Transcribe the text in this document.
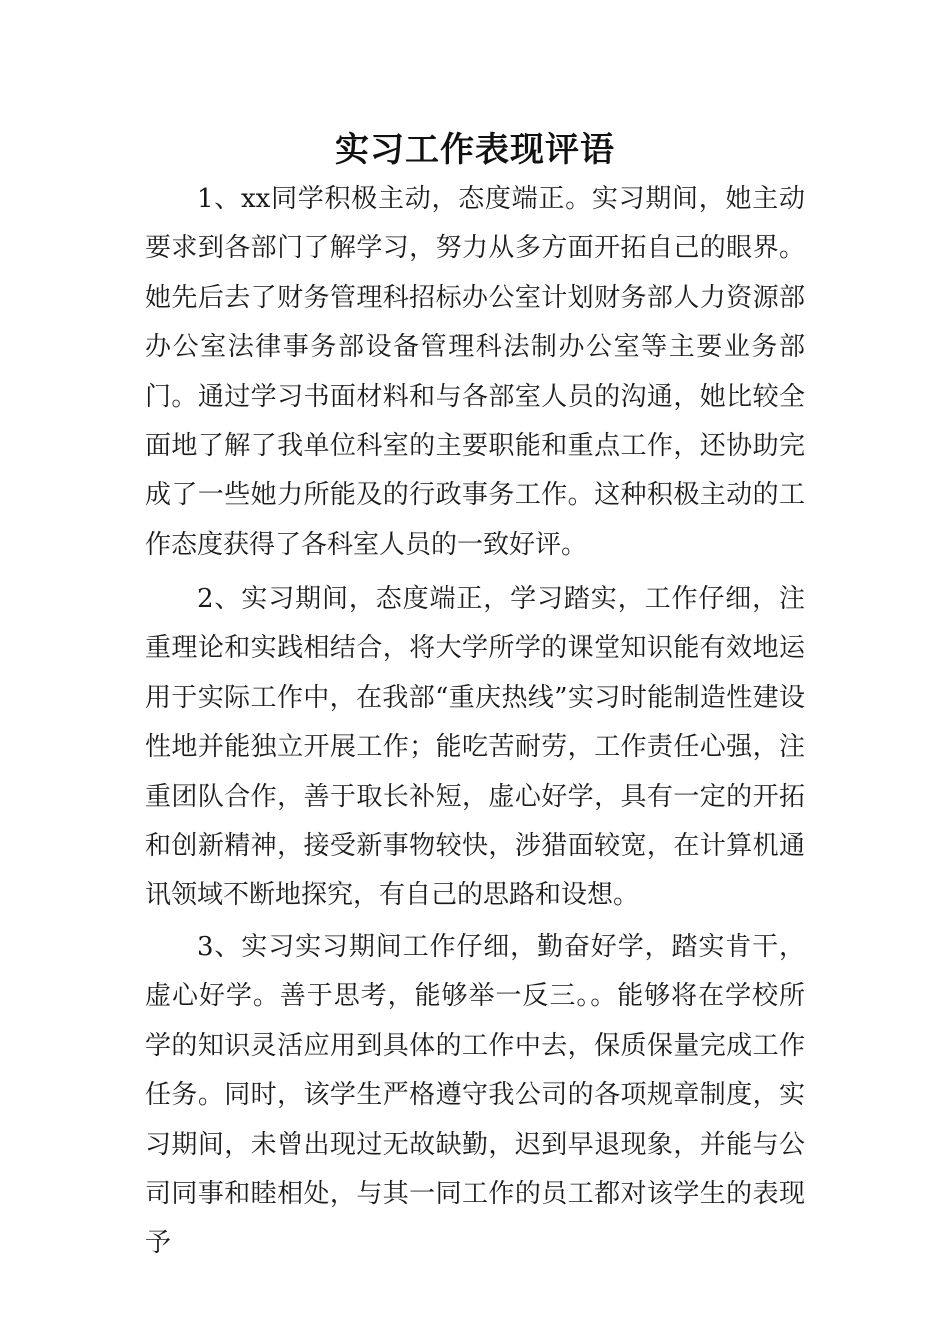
实习工作表现评语

1、xx同学积极主动，态度端正。实习期间，她主动要求到各部门了解学习，努力从多方面开拓自己的眼界。她先后去了财务管理科招标办公室计划财务部人力资源部办公室法律事务部设备管理科法制办公室等主要业务部门。通过学习书面材料和与各部室人员的沟通，她比较全面地了解了我单位科室的主要职能和重点工作，还协助完成了一些她力所能及的行政事务工作。这种积极主动的工作态度获得了各科室人员的一致好评。

2、实习期间，态度端正，学习踏实，工作仔细，注重理论和实践相结合，将大学所学的课堂知识能有效地运用于实际工作中，在我部“重庆热线”实习时能制造性建设性地并能独立开展工作；能吃苦耐劳，工作责任心强，注重团队合作，善于取长补短，虚心好学，具有一定的开拓和创新精神，接受新事物较快，涉猎面较宽，在计算机通讯领域不断地探究，有自己的思路和设想。

3、实习实习期间工作仔细，勤奋好学，踏实肯干，虚心好学。善于思考，能够举一反三。。能够将在学校所学的知识灵活应用到具体的工作中去，保质保量完成工作任务。同时，该学生严格遵守我公司的各项规章制度，实习期间，未曾出现过无故缺勤，迟到早退现象，并能与公司同事和睦相处，与其一同工作的员工都对该学生的表现予
